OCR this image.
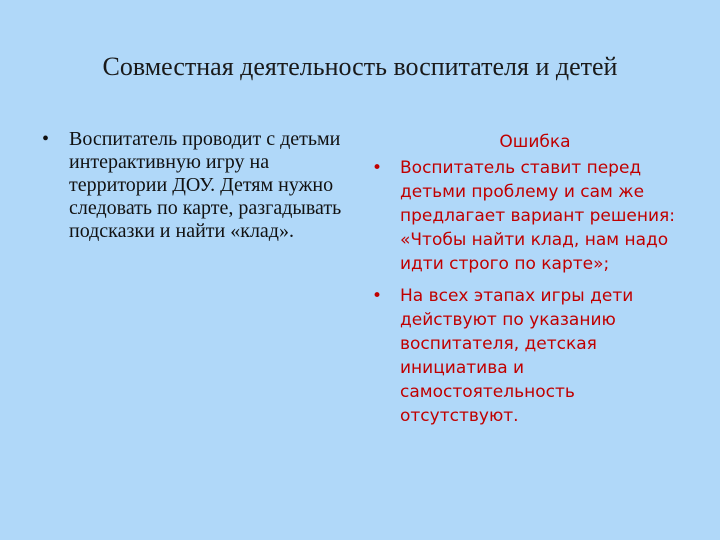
Совместная деятельность воспитателя и детей
• Воспитатель проводит с детьми интерактивную игру на территории ДОУ. Детям нужно следовать по карте, разгадывать подсказки и найти «клад».
Ошибка
• Воспитатель ставит перед детьми проблему и сам же предлагает вариант решения: «Чтобы найти клад, нам надо идти строго по карте»;
• На всех этапах игры дети действуют по указанию воспитателя, детская инициатива и самостоятельность отсутствуют.
